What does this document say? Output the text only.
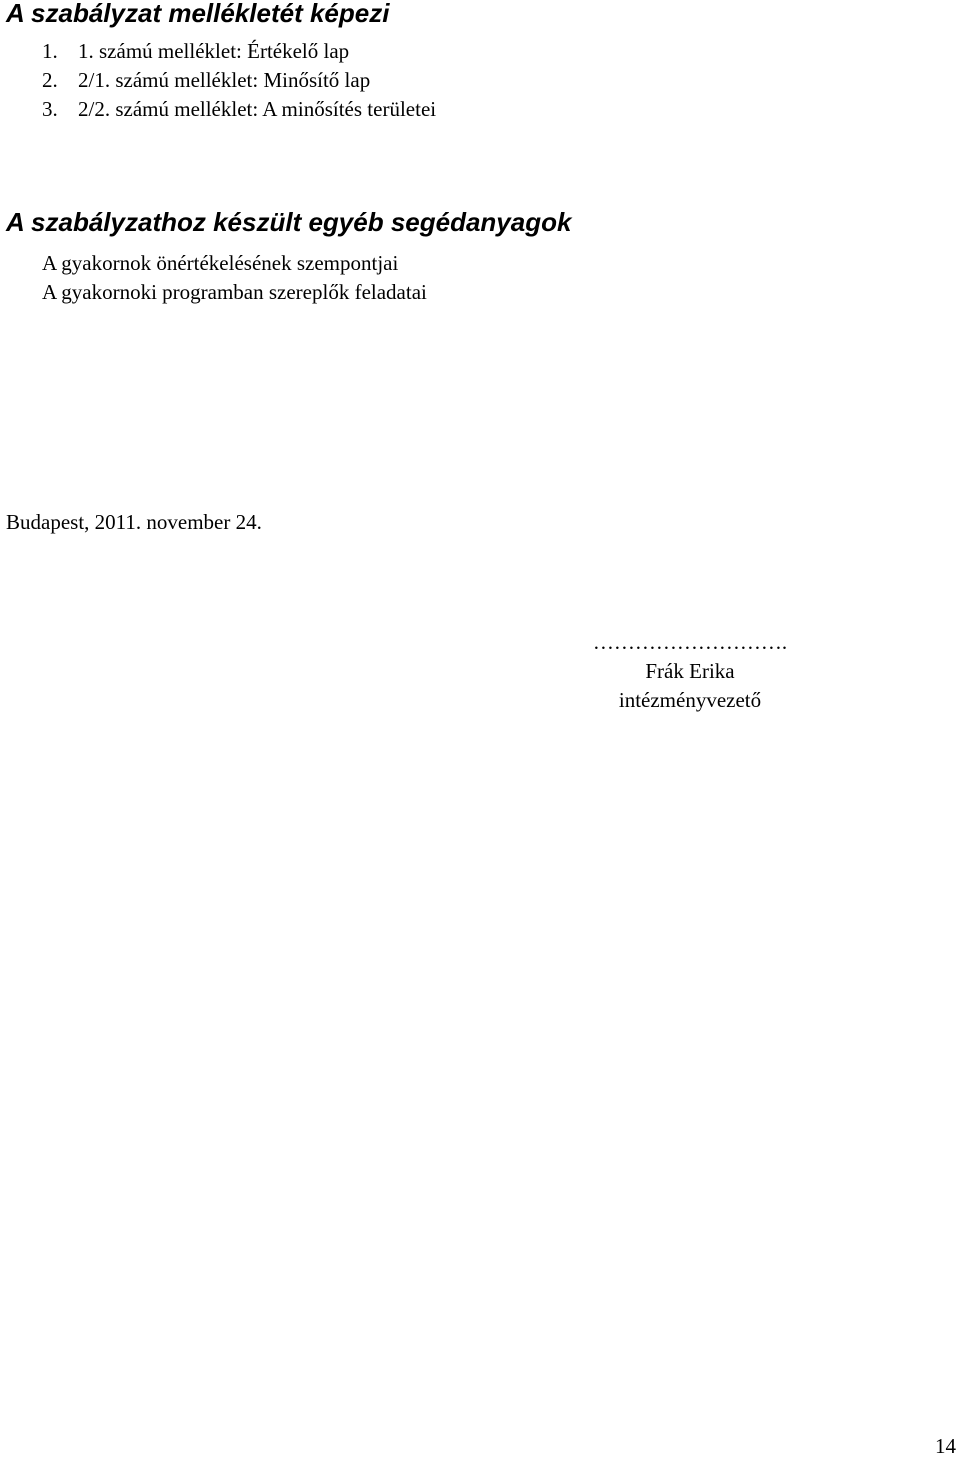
A szabályzat mellékletét képezi
1. 1. számú melléklet: Értékelő lap
2. 2/1. számú melléklet: Minősítő lap
3. 2/2. számú melléklet: A minősítés területei
A szabályzathoz készült egyéb segédanyagok
A gyakornok önértékelésének szempontjai
A gyakornoki programban szereplők feladatai
Budapest, 2011. november 24.
……………………….
Frák Erika
intézményvezető
14
